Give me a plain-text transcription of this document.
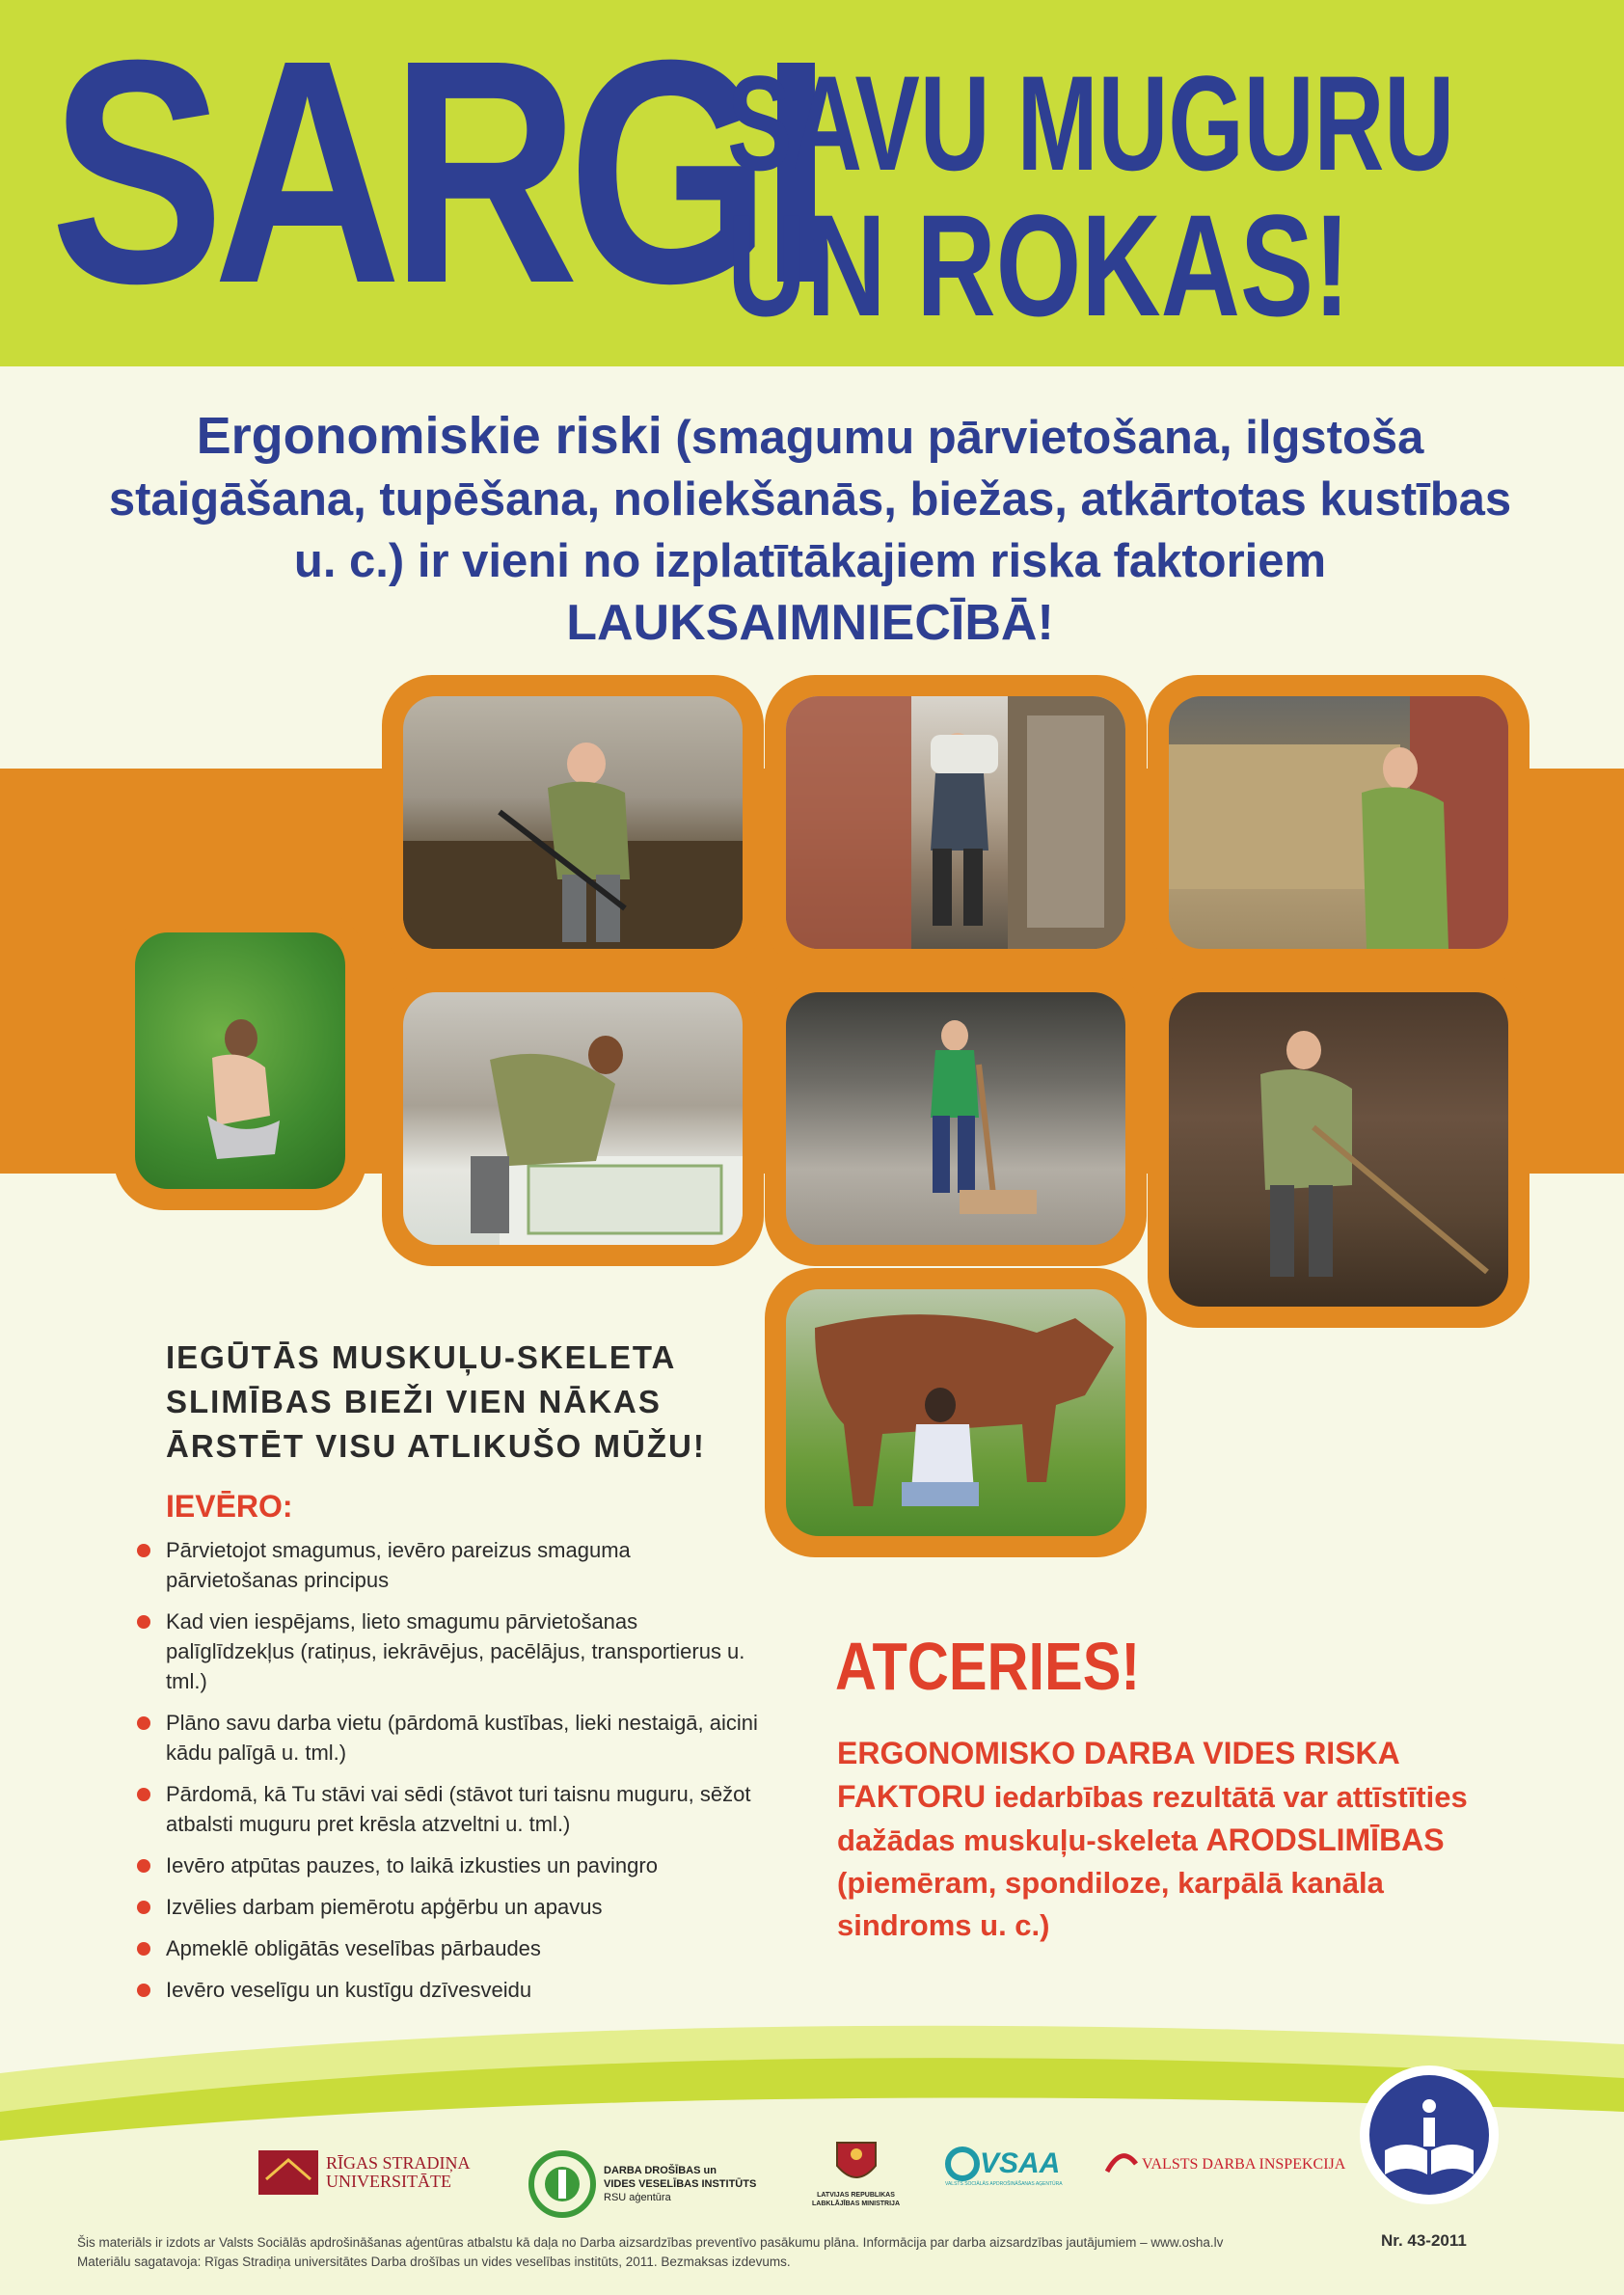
SARGI
SAVU MUGURU
UN ROKAS!
Ergonomiskie riski (smagumu pārvietošana, ilgstoša staigāšana, tupēšana, noliekšanās, biežas, atkārtotas kustības u. c.) ir vieni no izplatītākajiem riska faktoriem LAUKSAIMNIECĪBĀ!
IEGŪTĀS MUSKUĻU-SKELETA SLIMĪBAS BIEŽI VIEN NĀKAS ĀRSTĒT VISU ATLIKUŠO MŪŽU!
IEVĒRO:
Pārvietojot smagumus, ievēro pareizus smaguma pārvietošanas principus
Kad vien iespējams, lieto smagumu pārvietošanas palīglīdzekļus (ratiņus, iekrāvējus, pacēlājus, transportierus u. tml.)
Plāno savu darba vietu (pārdomā kustības, lieki nestaigā, aicini kādu palīgā u. tml.)
Pārdomā, kā Tu stāvi vai sēdi (stāvot turi taisnu muguru, sēžot atbalsti muguru pret krēsla atzveltni u. tml.)
Ievēro atpūtas pauzes, to laikā izkusties un pavingro
Izvēlies darbam piemērotu apģērbu un apavus
Apmeklē obligātās veselības pārbaudes
Ievēro veselīgu un kustīgu dzīvesveidu
ATCERIES!
ERGONOMISKO DARBA VIDES RISKA FAKTORU iedarbības rezultātā var attīstīties dažādas muskuļu-skeleta ARODSLIMĪBAS (piemēram, spondiloze, karpālā kanāla sindroms u. c.)
RĪGAS STRADIŅA
UNIVERSITĀTE
DARBA DROŠĪBAS un
VIDES VESELĪBAS INSTITŪTS
RSU aģentūra	LATVIJAS REPUBLIKAS
LABKLĀJĪBAS MINISTRIJA
VSAA
VALSTS SOCIĀLĀS APDROŠINĀŠANAS AĢENTŪRA
VALSTS DARBA INSPEKCIJA
Šis materiāls ir izdots ar Valsts Sociālās apdrošināšanas aģentūras atbalstu kā daļa no Darba aizsardzības preventīvo pasākumu plāna. Informācija par darba aizsardzības jautājumiem – www.osha.lv
Materiālu sagatavoja: Rīgas Stradiņa universitātes Darba drošības un vides veselības institūts, 2011. Bezmaksas izdevums.
Nr. 43-2011
